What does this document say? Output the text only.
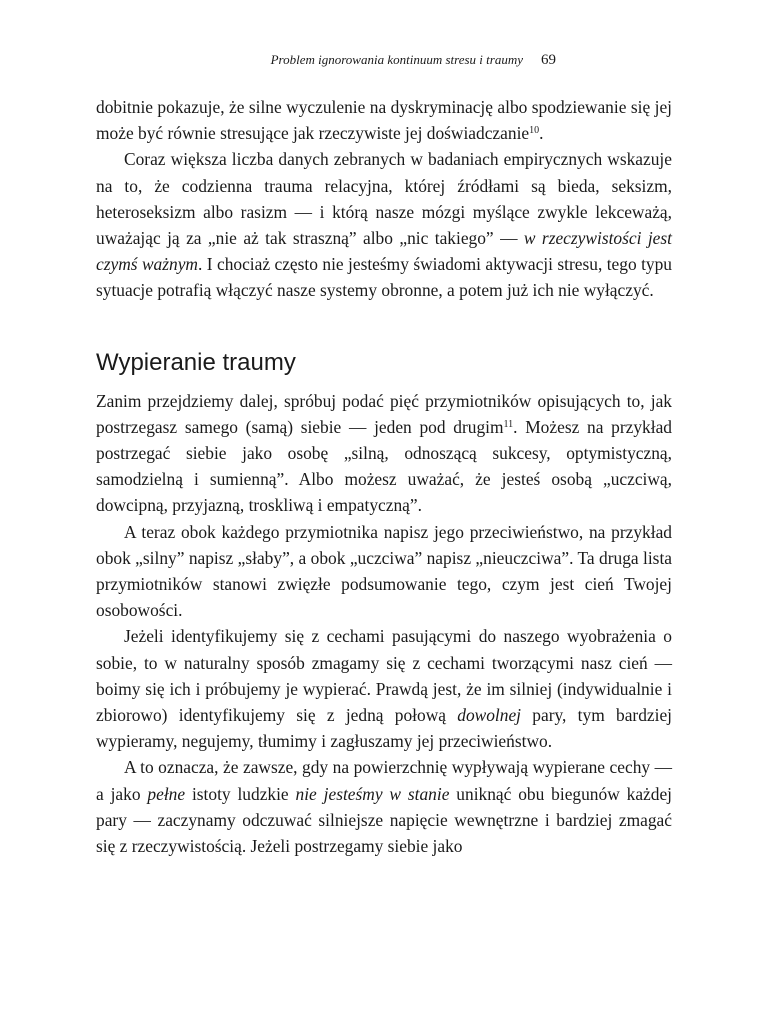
Problem ignorowania kontinuum stresu i traumy 69

dobitnie pokazuje, że silne wyczulenie na dyskryminację albo spodziewanie się jej może być równie stresujące jak rzeczywiste jej doświadczanie$^{10}$.

Coraz większa liczba danych zebranych w badaniach empirycznych wskazuje na to, że codzienna trauma relacyjna, której źródłami są bieda, seksizm, heteroseksizm albo rasizm — i którą nasze mózgi myślące zwykle lekceważą, uważając ją za „nie aż tak straszną” albo „nic takiego” — w rzeczywistości jest czymś ważnym. I chociaż często nie jesteśmy świadomi aktywacji stresu, tego typu sytuacje potrafią włączyć nasze systemy obronne, a potem już ich nie wyłączyć.

Wypieranie traumy

Zanim przejdziemy dalej, spróbuj podać pięć przymiotników opisujących to, jak postrzegasz samego (samą) siebie — jeden pod drugim$^{11}$. Możesz na przykład postrzegać siebie jako osobę „silną, odnoszącą sukcesy, optymistyczną, samodzielną i sumienną”. Albo możesz uważać, że jesteś osobą „uczciwą, dowcipną, przyjazną, troskliwą i empatyczną”.

A teraz obok każdego przymiotnika napisz jego przeciwieństwo, na przykład obok „silny” napisz „słaby”, a obok „uczciwa” napisz „nieuczciwa”. Ta druga lista przymiotników stanowi zwięzłe podsumowanie tego, czym jest cień Twojej osobowości.

Jeżeli identyfikujemy się z cechami pasującymi do naszego wyobrażenia o sobie, to w naturalny sposób zmagamy się z cechami tworzącymi nasz cień — boimy się ich i próbujemy je wypierać. Prawdą jest, że im silniej (indywidualnie i zbiorowo) identyfikujemy się z jedną połową dowolnej pary, tym bardziej wypieramy, negujemy, tłumimy i zagłuszamy jej przeciwieństwo.

A to oznacza, że zawsze, gdy na powierzchnię wypływają wypierane cechy — a jako pełne istoty ludzkie nie jesteśmy w stanie uniknąć obu biegunów każdej pary — zaczynamy odczuwać silniejsze napięcie wewnętrzne i bardziej zmagać się z rzeczywistością. Jeżeli postrzegamy siebie jako
